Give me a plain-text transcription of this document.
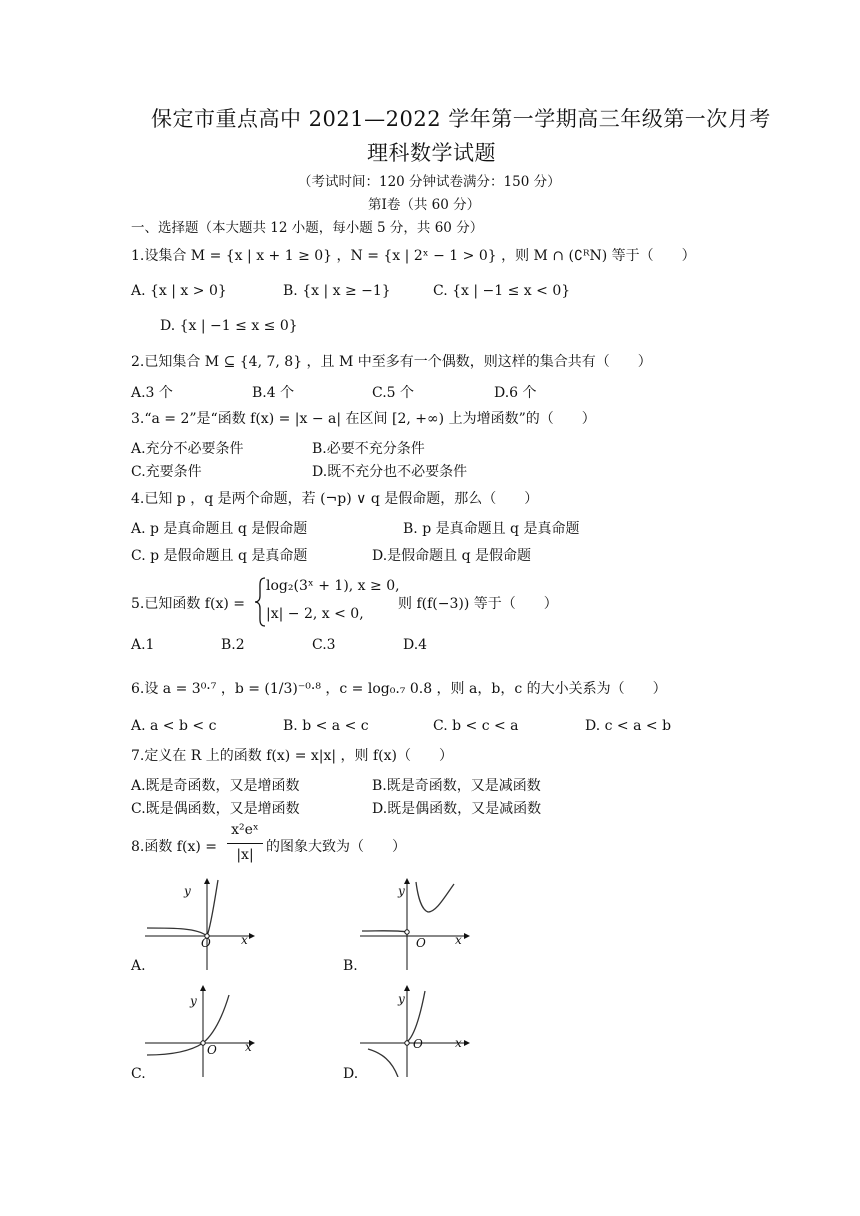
保定市重点高中 2021—2022 学年第一学期高三年级第一次月考
理科数学试题
（考试时间：120 分钟试卷满分：150 分）
第Ⅰ卷（共 60 分）
一、选择题（本大题共 12 小题，每小题 5 分，共 60 分）
1.设集合 M = {x | x + 1 ≥ 0} ，N = {x | 2ˣ − 1 > 0} ，则 M ∩ (∁ᴿN) 等于（　　）
A. {x | x > 0}	B. {x | x ≥ −1}	C. {x | −1 ≤ x < 0}
D. {x | −1 ≤ x ≤ 0}
2.已知集合 M ⊆ {4, 7, 8} ，且 M 中至多有一个偶数，则这样的集合共有（　　）
A.3 个	B.4 个	C.5 个	D.6 个
3.“a = 2”是“函数 f(x) = |x − a| 在区间 [2, +∞) 上为增函数”的（　　）
A.充分不必要条件	B.必要不充分条件
C.充要条件	D.既不充分也不必要条件
4.已知 p ，q 是两个命题，若 (¬p) ∨ q 是假命题，那么（　　）
A. p 是真命题且 q 是假命题	B. p 是真命题且 q 是真命题
C. p 是假命题且 q 是真命题	D.是假命题且 q 是假命题
5.已知函数 f(x) =
log₂(3ˣ + 1), x ≥ 0,
|x| − 2, x < 0,
则 f(f(−3)) 等于（　　）
A.1	B.2	C.3	D.4
6.设 a = 3⁰·⁷ ，b = (1/3)⁻⁰·⁸ ，c = log₀.₇ 0.8 ，则 a，b，c 的大小关系为（　　）
A. a < b < c	B. b < a < c	C. b < c < a	D. c < a < b
7.定义在 R 上的函数 f(x) = x|x| ，则 f(x)（　　）
A.既是奇函数，又是增函数	B.既是奇函数，又是减函数
C.既是偶函数，又是增函数	D.既是偶函数，又是减函数
8.函数 f(x) =
x²eˣ
|x| 的图象大致为（　　）
y
x
O
A.
y
x
O
B.
y
x
O
C.
y
x
O
D.
